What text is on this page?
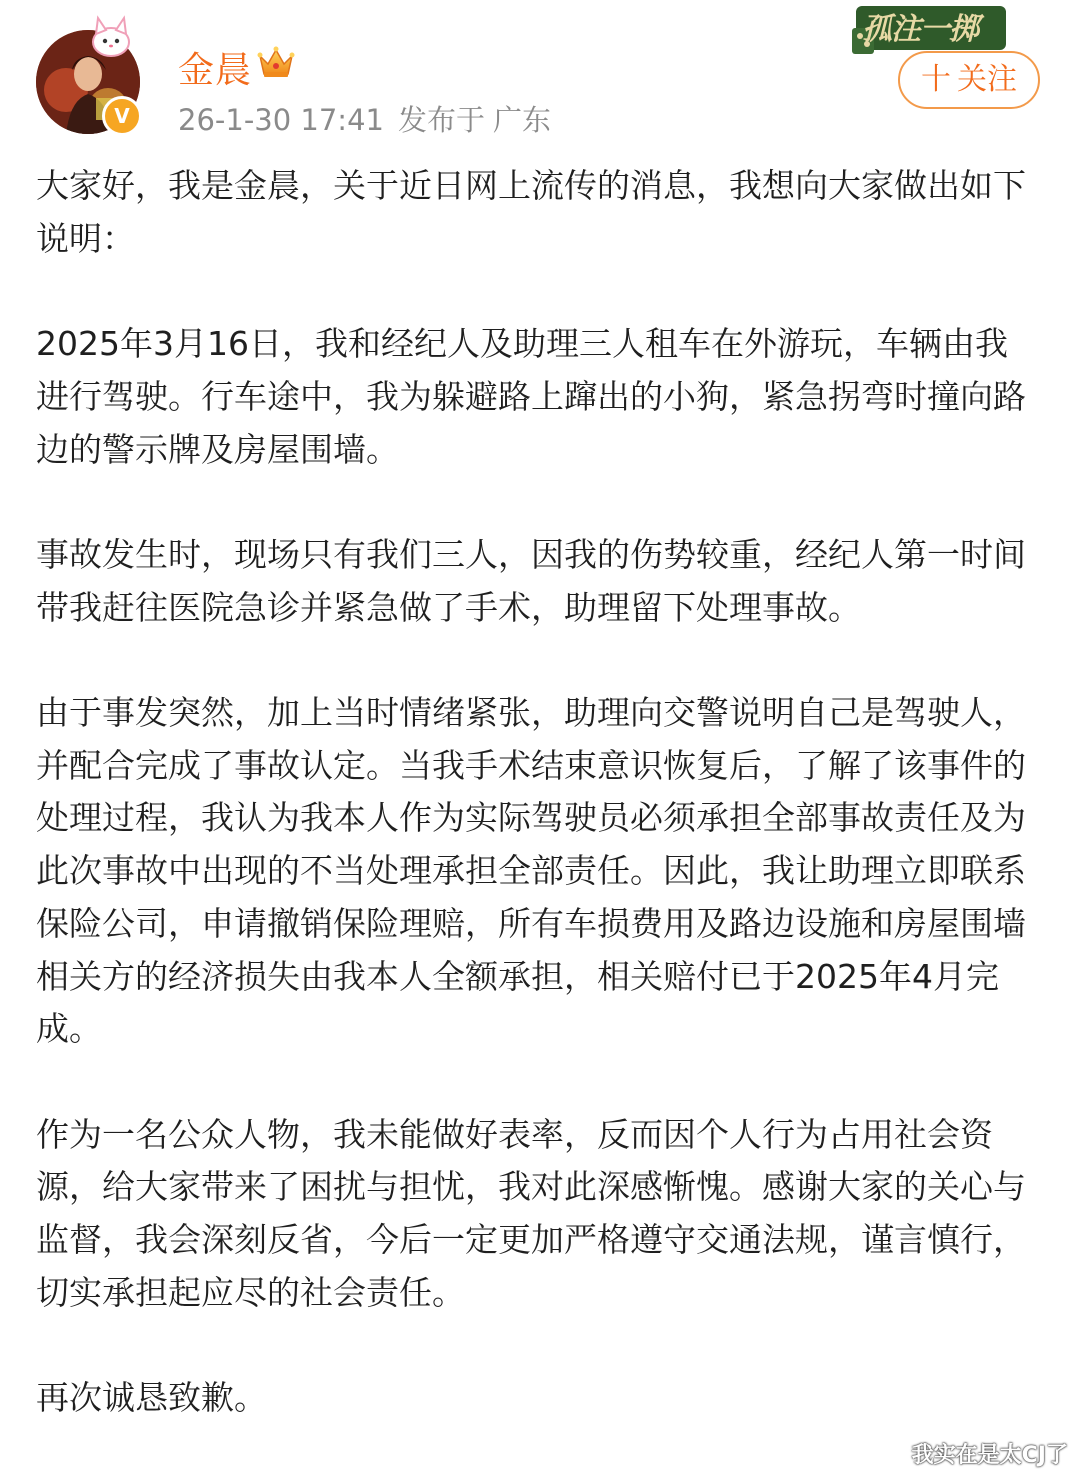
V
金晨
26-1-30 17:41 发布于 广东
孤注一掷
十 关注

大家好，我是金晨，关于近日网上流传的消息，我想向大家做出如下说明：

2025年3月16日，我和经纪人及助理三人租车在外游玩，车辆由我进行驾驶。行车途中，我为躲避路上蹿出的小狗，紧急拐弯时撞向路边的警示牌及房屋围墙。

事故发生时，现场只有我们三人，因我的伤势较重，经纪人第一时间带我赶往医院急诊并紧急做了手术，助理留下处理事故。

由于事发突然，加上当时情绪紧张，助理向交警说明自己是驾驶人，并配合完成了事故认定。当我手术结束意识恢复后，了解了该事件的处理过程，我认为我本人作为实际驾驶员必须承担全部事故责任及为此次事故中出现的不当处理承担全部责任。因此，我让助理立即联系保险公司，申请撤销保险理赔，所有车损费用及路边设施和房屋围墙相关方的经济损失由我本人全额承担，相关赔付已于2025年4月完成。

作为一名公众人物，我未能做好表率，反而因个人行为占用社会资源，给大家带来了困扰与担忧，我对此深感惭愧。感谢大家的关心与监督，我会深刻反省，今后一定更加严格遵守交通法规，谨言慎行，切实承担起应尽的社会责任。

再次诚恳致歉。

我实在是太CJ了
